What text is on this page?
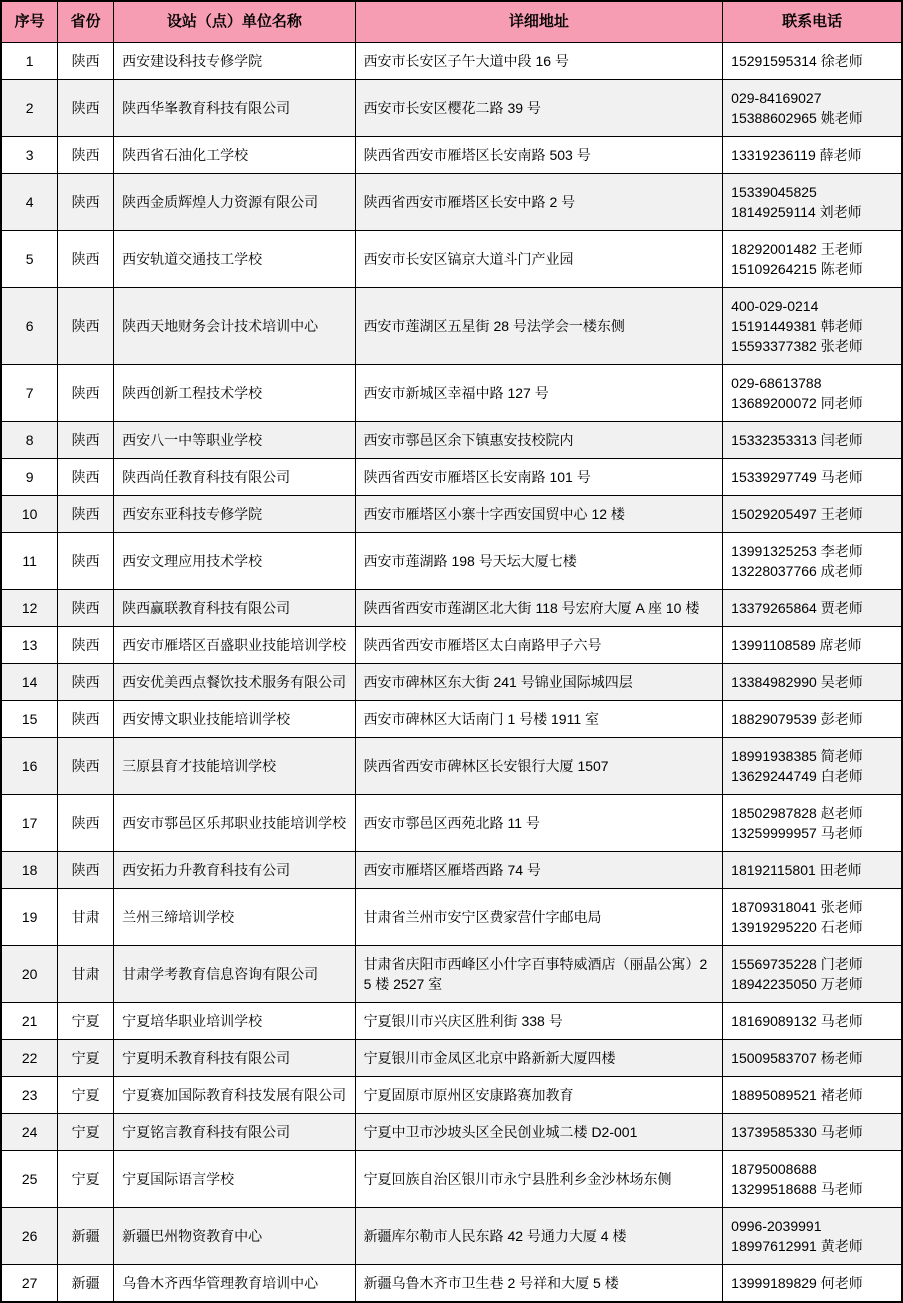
序号	省份	设站（点）单位名称	详细地址	联系电话
1	陕西	西安建设科技专修学院	西安市长安区子午大道中段 16 号	15291595314 徐老师

2	陕西	陕西华峯教育科技有限公司	西安市长安区樱花二路 39 号	029-84169027
15388602965 姚老师

3	陕西	陕西省石油化工学校	陕西省西安市雁塔区长安南路 503 号	13319236119 薛老师

4	陕西	陕西金质辉煌人力资源有限公司	陕西省西安市雁塔区长安中路 2 号	15339045825
18149259114 刘老师

5	陕西	西安轨道交通技工学校	西安市长安区镐京大道斗门产业园	18292001482 王老师
15109264215 陈老师

6	陕西	陕西天地财务会计技术培训中心	西安市莲湖区五星街 28 号法学会一楼东侧	400-029-0214
15191449381 韩老师
15593377382 张老师

7	陕西	陕西创新工程技术学校	西安市新城区幸福中路 127 号	029-68613788
13689200072 同老师

8	陕西	西安八一中等职业学校	西安市鄠邑区余下镇惠安技校院内	15332353313 闫老师

9	陕西	陕西尚任教育科技有限公司	陕西省西安市雁塔区长安南路 101 号	15339297749 马老师

10	陕西	西安东亚科技专修学院	西安市雁塔区小寨十字西安国贸中心 12 楼	15029205497 王老师

11	陕西	西安文理应用技术学校	西安市莲湖路 198 号天坛大厦七楼	13991325253 李老师
13228037766 成老师

12	陕西	陕西赢联教育科技有限公司	陕西省西安市莲湖区北大街 118 号宏府大厦 A 座 10 楼	13379265864 贾老师

13	陕西	西安市雁塔区百盛职业技能培训学校	陕西省西安市雁塔区太白南路甲子六号	13991108589 席老师

14	陕西	西安优美西点餐饮技术服务有限公司	西安市碑林区东大街 241 号锦业国际城四层	13384982990 吴老师

15	陕西	西安博文职业技能培训学校	西安市碑林区大话南门 1 号楼 1911 室	18829079539 彭老师

16	陕西	三原县育才技能培训学校	陕西省西安市碑林区长安银行大厦 1507	18991938385 简老师
13629244749 白老师

17	陕西	西安市鄠邑区乐邦职业技能培训学校	西安市鄠邑区西苑北路 11 号	18502987828 赵老师
13259999957 马老师

18	陕西	西安拓力升教育科技有公司	西安市雁塔区雁塔西路 74 号	18192115801 田老师

19	甘肃	兰州三缔培训学校	甘肃省兰州市安宁区费家营什字邮电局	18709318041 张老师
13919295220 石老师

20	甘肃	甘肃学考教育信息咨询有限公司	甘肃省庆阳市西峰区小什字百事特威酒店（丽晶公寓）25 楼 2527 室	15569735228 门老师
18942235050 万老师

21	宁夏	宁夏培华职业培训学校	宁夏银川市兴庆区胜利街 338 号	18169089132 马老师

22	宁夏	宁夏明禾教育科技有限公司	宁夏银川市金凤区北京中路新新大厦四楼	15009583707 杨老师

23	宁夏	宁夏赛加国际教育科技发展有限公司	宁夏固原市原州区安康路赛加教育	18895089521 褚老师

24	宁夏	宁夏铭言教育科技有限公司	宁夏中卫市沙坡头区全民创业城二楼 D2-001	13739585330 马老师

25	宁夏	宁夏国际语言学校	宁夏回族自治区银川市永宁县胜利乡金沙林场东侧	18795008688
13299518688 马老师

26	新疆	新疆巴州物资教育中心	新疆库尔勒市人民东路 42 号通力大厦 4 楼	0996-2039991
18997612991 黄老师

27	新疆	乌鲁木齐西华管理教育培训中心	新疆乌鲁木齐市卫生巷 2 号祥和大厦 5 楼	13999189829 何老师
